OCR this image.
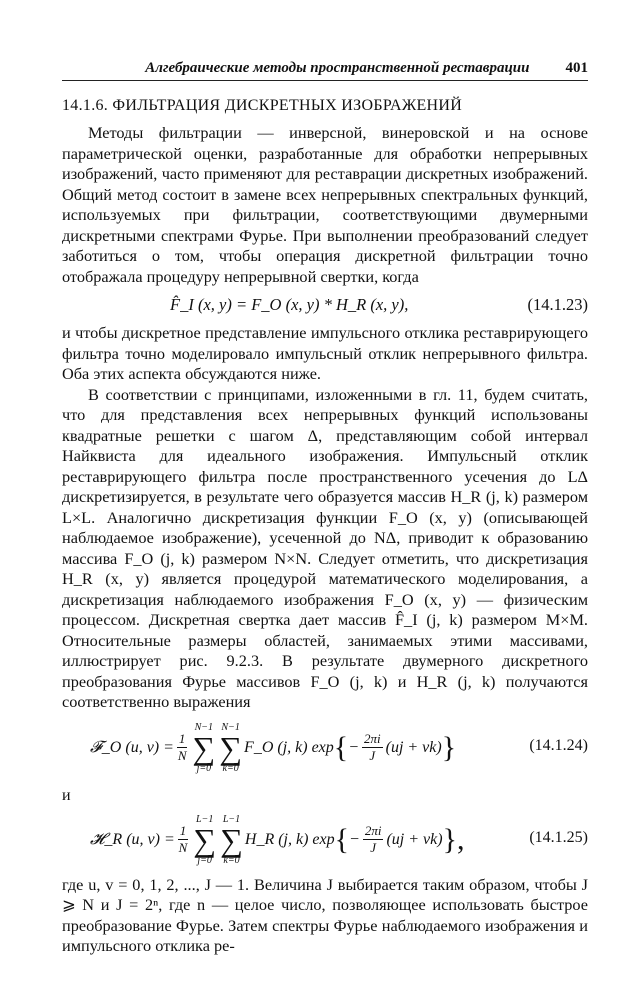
Алгебраические методы пространственной реставрации	401
14.1.6. ФИЛЬТРАЦИЯ ДИСКРЕТНЫХ ИЗОБРАЖЕНИЙ

Методы фильтрации — инверсной, винеровской и на основе параметрической оценки, разработанные для обработки непрерывных изображений, часто применяют для реставрации дискретных изображений. Общий метод состоит в замене всех непрерывных спектральных функций, используемых при фильтрации, соответствующими двумерными дискретными спектрами Фурье. При выполнении преобразований следует заботиться о том, чтобы операция дискретной фильтрации точно отображала процедуру непрерывной свертки, когда

F̂_I (x, y) = F_O (x, y) * H_R (x, y),	(14.1.23)

и чтобы дискретное представление импульсного отклика реставрирующего фильтра точно моделировало импульсный отклик непрерывного фильтра. Оба этих аспекта обсуждаются ниже.

В соответствии с принципами, изложенными в гл. 11, будем считать, что для представления всех непрерывных функций использованы квадратные решетки с шагом Δ, представляющим собой интервал Найквиста для идеального изображения. Импульсный отклик реставрирующего фильтра после пространственного усечения до LΔ дискретизируется, в результате чего образуется массив H_R (j, k) размером L×L. Аналогично дискретизация функции F_O (x, y) (описывающей наблюдаемое изображение), усеченной до NΔ, приводит к образованию массива F_O (j, k) размером N×N. Следует отметить, что дискретизация H_R (x, y) является процедурой математического моделирования, а дискретизация наблюдаемого изображения F_O (x, y) — физическим процессом. Дискретная свертка дает массив F̂_I (j, k) размером M×M. Относительные размеры областей, занимаемых этими массивами, иллюстрирует рис. 9.2.3. В результате двумерного дискретного преобразования Фурье массивов F_O (j, k) и H_R (j, k) получаются соответственно выражения

𝓕_O (u, $v) = \frac{1}{N}$
N−1
∑
j=0
N−1
∑
k=0
F_O (j, k) exp { − $\frac{2\pi i}{J} (uj + vk)$ }	(14.1.24)

и

𝓗_R (u, $v) = \frac{1}{N}$
L−1
∑
j=0
L−1
∑
k=0
H_R (j, k) exp { − $\frac{2\pi i}{J} (uj + vk)$ },	(14.1.25)

где u, v = 0, 1, 2, ..., J — 1. Величина J выбирается таким образом, чтобы J ⩾ N и J = 2ⁿ, где n — целое число, позволяющее использовать быстрое преобразование Фурье. Затем спектры Фурье наблюдаемого изображения и импульсного отклика ре-
